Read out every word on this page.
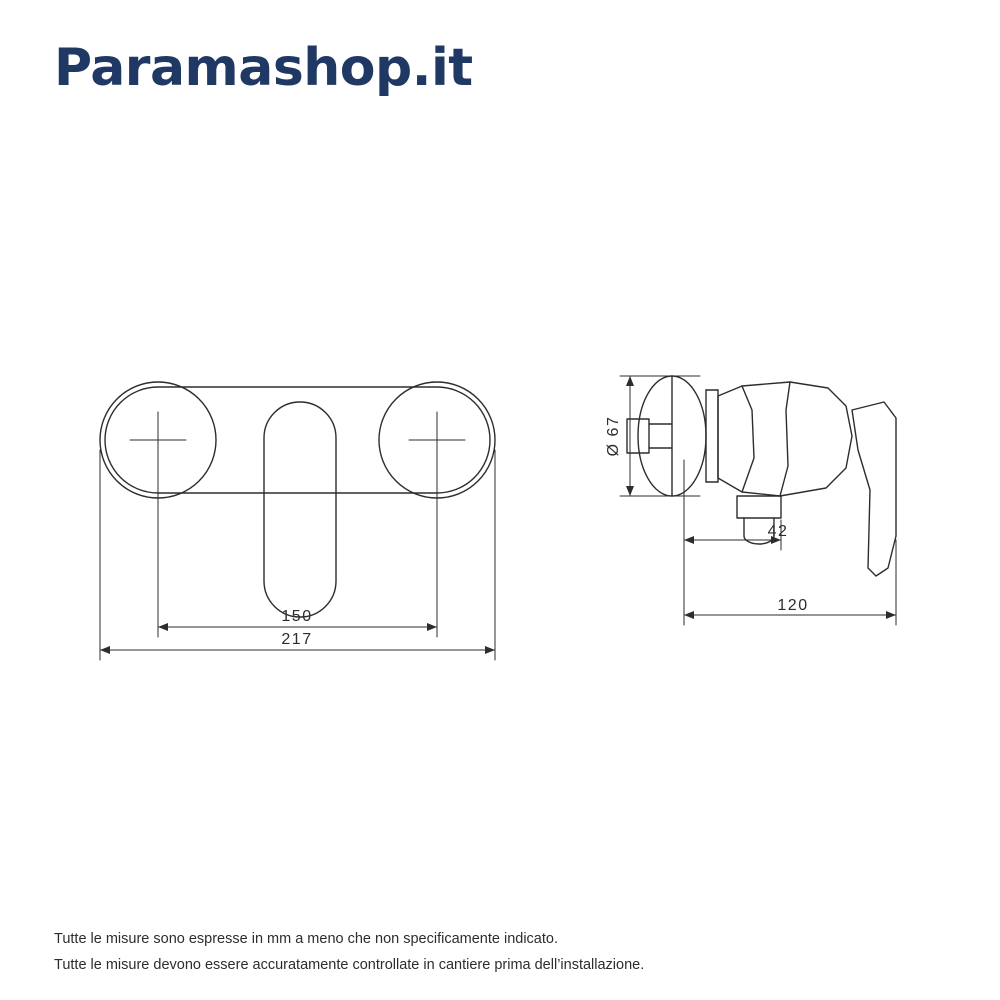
Paramashop.it
150
217
Ø 67
42
120
Tutte le misure sono espresse in mm a meno che non specificamente indicato.
Tutte le misure devono essere accuratamente controllate in cantiere prima dell’installazione.
